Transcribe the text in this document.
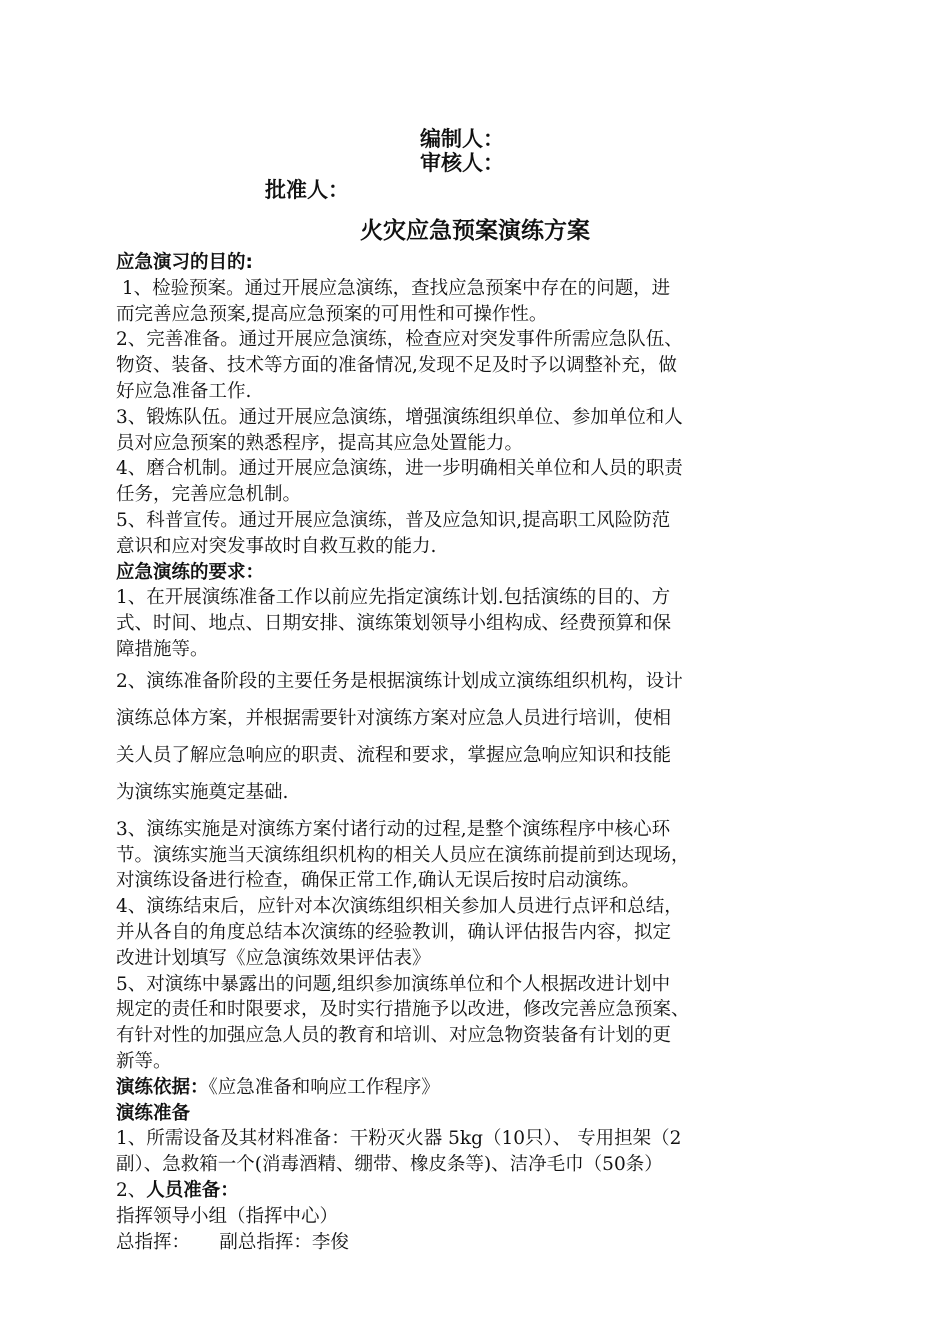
编制人：
审核人：
批准人：
火灾应急预案演练方案

应急演习的目的:

1、检验预案。通过开展应急演练，查找应急预案中存在的问题，进

而完善应急预案,提高应急预案的可用性和可操作性。

2、完善准备。通过开展应急演练，检查应对突发事件所需应急队伍、

物资、装备、技术等方面的准备情况,发现不足及时予以调整补充，做

好应急准备工作.

3、锻炼队伍。通过开展应急演练，增强演练组织单位、参加单位和人

员对应急预案的熟悉程序，提高其应急处置能力。

4、磨合机制。通过开展应急演练，进一步明确相关单位和人员的职责

任务，完善应急机制。

5、科普宣传。通过开展应急演练，普及应急知识,提高职工风险防范

意识和应对突发事故时自救互救的能力.

应急演练的要求：

1、在开展演练准备工作以前应先指定演练计划.包括演练的目的、方

式、时间、地点、日期安排、演练策划领导小组构成、经费预算和保

障措施等。

2、演练准备阶段的主要任务是根据演练计划成立演练组织机构，设计

演练总体方案，并根据需要针对演练方案对应急人员进行培训，使相

关人员了解应急响应的职责、流程和要求，掌握应急响应知识和技能

为演练实施奠定基础.

3、演练实施是对演练方案付诸行动的过程,是整个演练程序中核心环

节。演练实施当天演练组织机构的相关人员应在演练前提前到达现场，

对演练设备进行检查，确保正常工作,确认无误后按时启动演练。

4、演练结束后，应针对本次演练组织相关参加人员进行点评和总结，

并从各自的角度总结本次演练的经验教训，确认评估报告内容，拟定

改进计划填写《应急演练效果评估表》

5、对演练中暴露出的问题,组织参加演练单位和个人根据改进计划中

规定的责任和时限要求，及时实行措施予以改进，修改完善应急预案、

有针对性的加强应急人员的教育和培训、对应急物资装备有计划的更

新等。

演练依据：《应急准备和响应工作程序》

演练准备

1、所需设备及其材料准备：干粉灭火器 5kg（10只）、 专用担架（2

副）、急救箱一个(消毒酒精、绷带、橡皮条等)、洁净毛巾（50条）

2、人员准备：

指挥领导小组（指挥中心）

总指挥：     副总指挥：李俊
